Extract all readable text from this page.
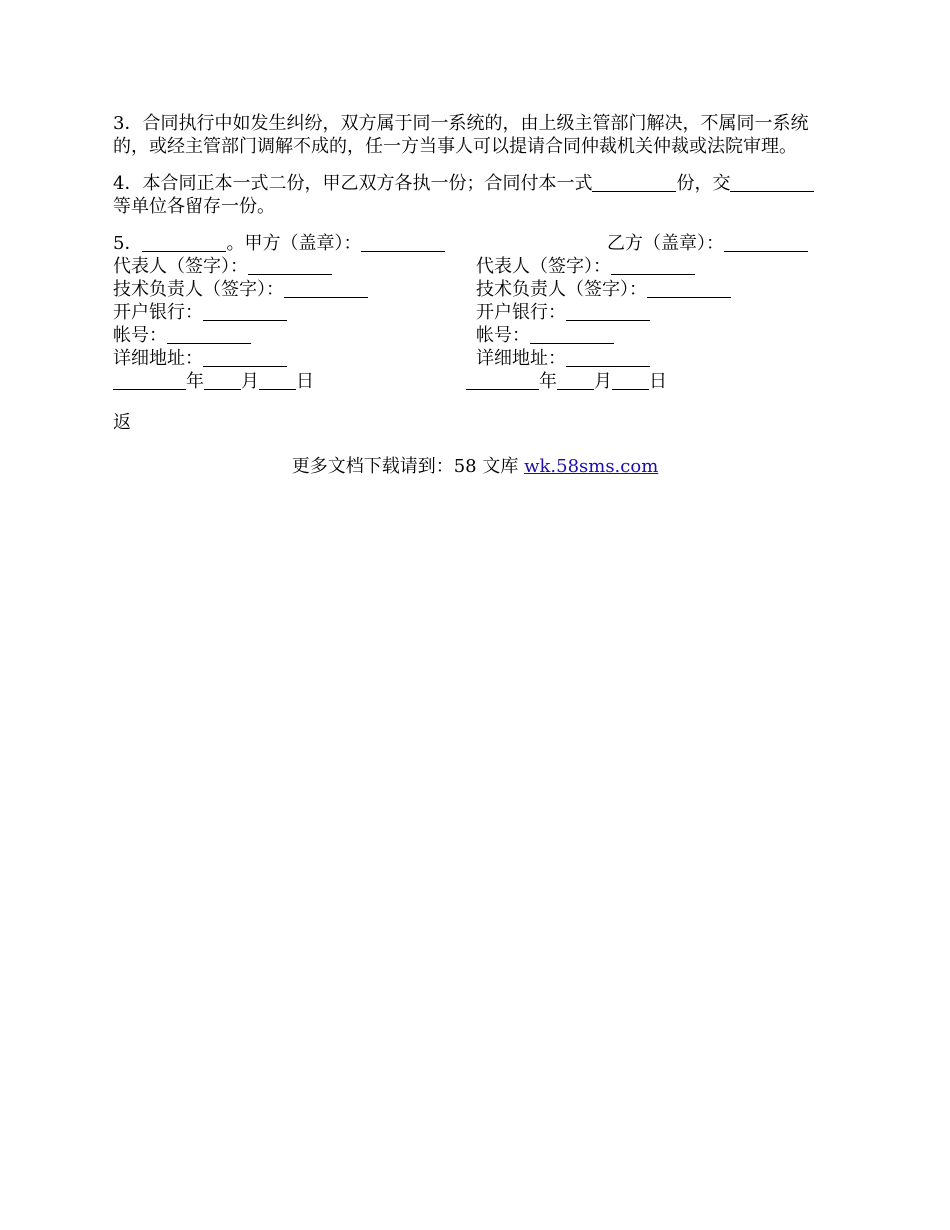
3．合同执行中如发生纠纷，双方属于同一系统的，由上级主管部门解决，不属同一系统的，或经主管部门调解不成的，任一方当事人可以提请合同仲裁机关仲裁或法院审理。

4．本合同正本一式二份，甲乙双方各执一份；合同付本一式	份，交
等单位各留存一份。

5．	。甲方（盖章）：	乙方（盖章）：
代表人（签字）：	代表人（签字）：
技术负责人（签字）：	技术负责人（签字）：
开户银行：	开户银行：
帐号：	帐号：
详细地址：	详细地址：
年 月 日	年 月 日
返
更多文档下载请到：58 文库 wk.58sms.com
